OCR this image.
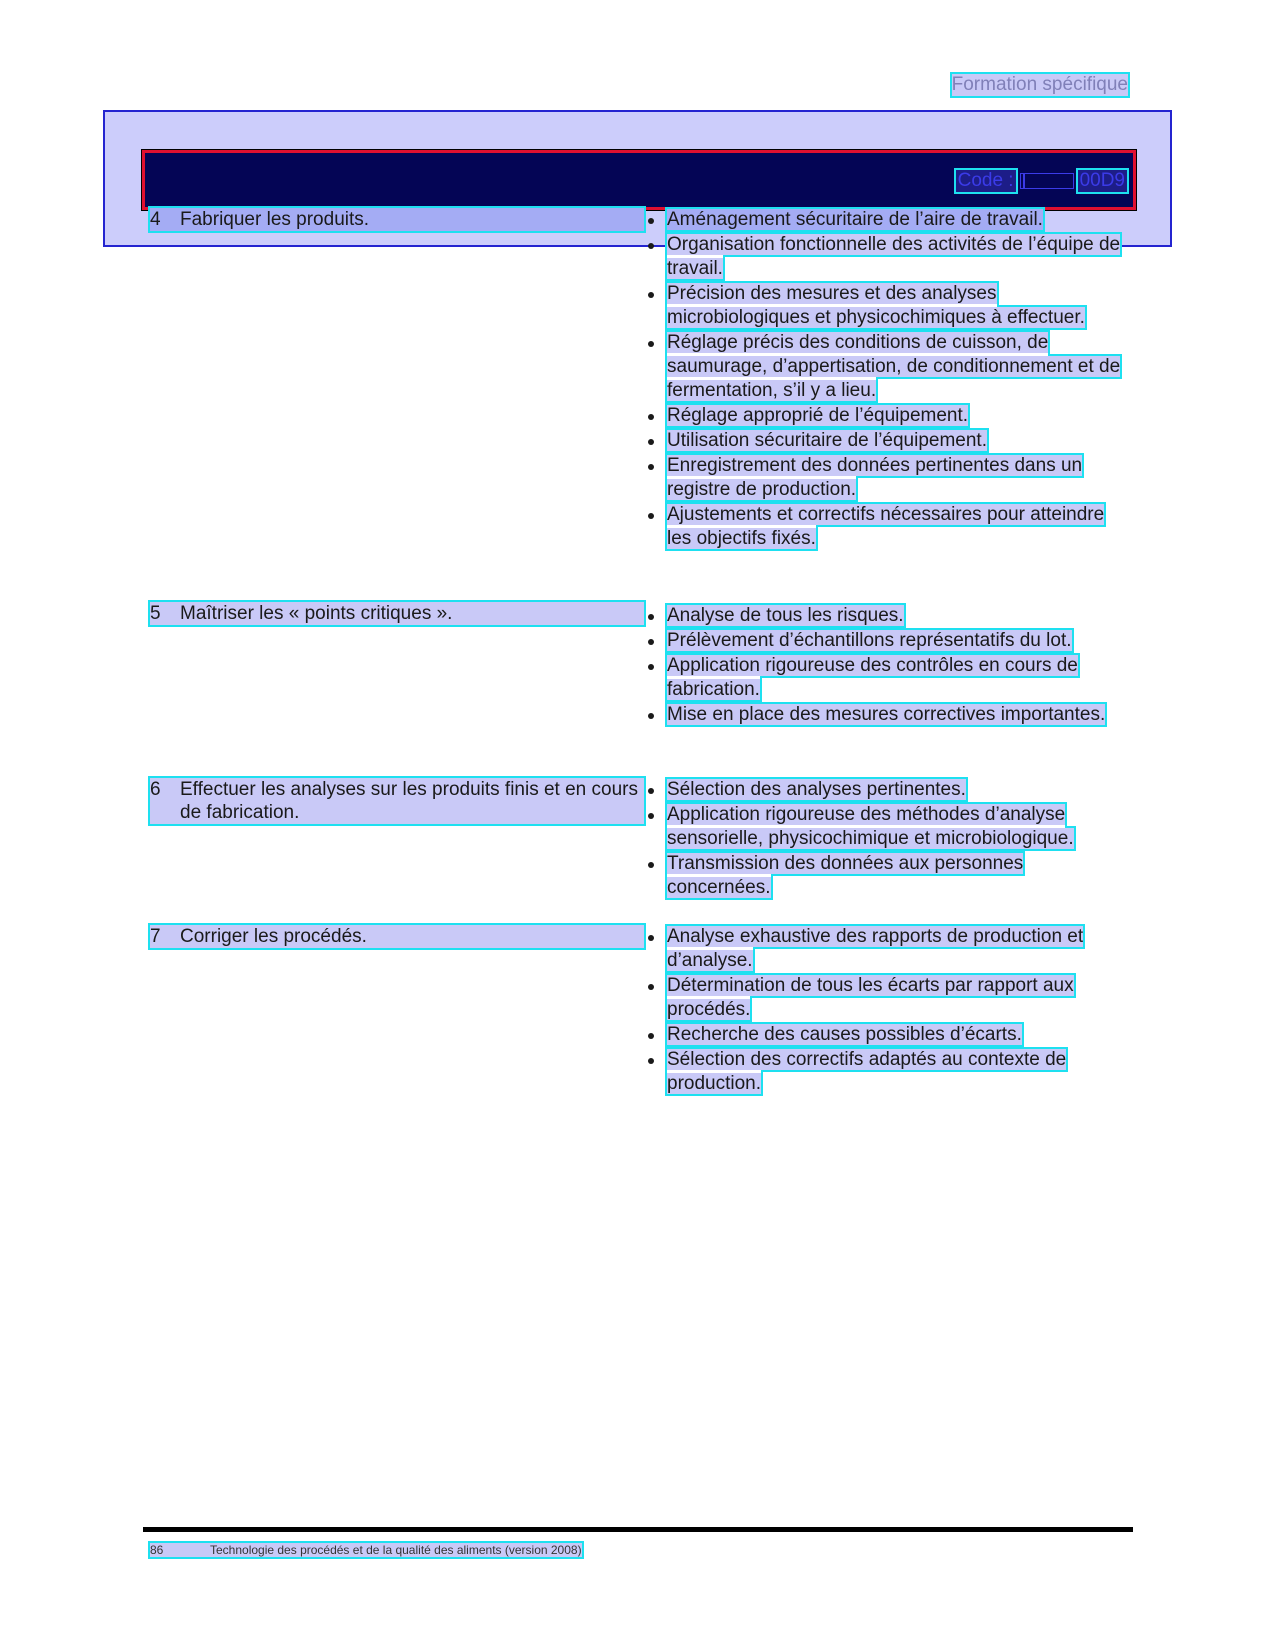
Formation spécifique
Code :	00D9
4	Fabriquer les produits.	Aménagement sécuritaire de l’aire de travail.
Organisation fonctionnelle des activités de l’équipe de travail.
Précision des mesures et des analyses microbiologiques et physicochimiques à effectuer.
Réglage précis des conditions de cuisson, de saumurage, d’appertisation, de conditionnement et de fermentation, s’il y a lieu.
Réglage approprié de l’équipement.
Utilisation sécuritaire de l’équipement.
Enregistrement des données pertinentes dans un registre de production.
Ajustements et correctifs nécessaires pour atteindre les objectifs fixés.
5	Maîtriser les « points critiques ».	Analyse de tous les risques.
Prélèvement d’échantillons représentatifs du lot.
Application rigoureuse des contrôles en cours de fabrication.
Mise en place des mesures correctives importantes.
6	Effectuer les analyses sur les produits finis et en cours de fabrication.
Sélection des analyses pertinentes.
Application rigoureuse des méthodes d’analyse sensorielle, physicochimique et microbiologique.
Transmission des données aux personnes concernées.
7	Corriger les procédés.	Analyse exhaustive des rapports de production et d’analyse.
Détermination de tous les écarts par rapport aux procédés.
Recherche des causes possibles d’écarts.
Sélection des correctifs adaptés au contexte de production.
86	Technologie des procédés et de la qualité des aliments (version 2008)
